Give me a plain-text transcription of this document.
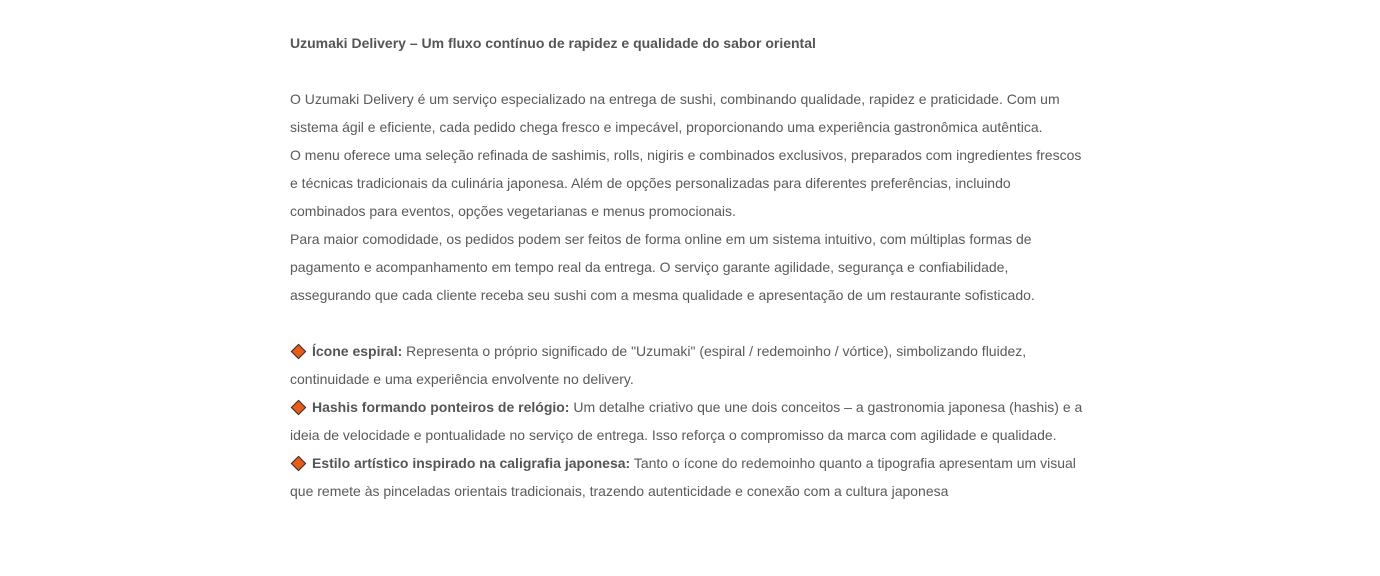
Uzumaki Delivery – Um fluxo contínuo de rapidez e qualidade do sabor oriental

O Uzumaki Delivery é um serviço especializado na entrega de sushi, combinando qualidade, rapidez e praticidade. Com um sistema ágil e eficiente, cada pedido chega fresco e impecável, proporcionando uma experiência gastronômica autêntica.

O menu oferece uma seleção refinada de sashimis, rolls, nigiris e combinados exclusivos, preparados com ingredientes frescos e técnicas tradicionais da culinária japonesa. Além de opções personalizadas para diferentes preferências, incluindo combinados para eventos, opções vegetarianas e menus promocionais.

Para maior comodidade, os pedidos podem ser feitos de forma online em um sistema intuitivo, com múltiplas formas de pagamento e acompanhamento em tempo real da entrega. O serviço garante agilidade, segurança e confiabilidade, assegurando que cada cliente receba seu sushi com a mesma qualidade e apresentação de um restaurante sofisticado.

Ícone espiral: Representa o próprio significado de "Uzumaki" (espiral / redemoinho / vórtice), simbolizando fluidez, continuidade e uma experiência envolvente no delivery.

Hashis formando ponteiros de relógio: Um detalhe criativo que une dois conceitos – a gastronomia japonesa (hashis) e a ideia de velocidade e pontualidade no serviço de entrega. Isso reforça o compromisso da marca com agilidade e qualidade.

Estilo artístico inspirado na caligrafia japonesa: Tanto o ícone do redemoinho quanto a tipografia apresentam um visual que remete às pinceladas orientais tradicionais, trazendo autenticidade e conexão com a cultura japonesa
